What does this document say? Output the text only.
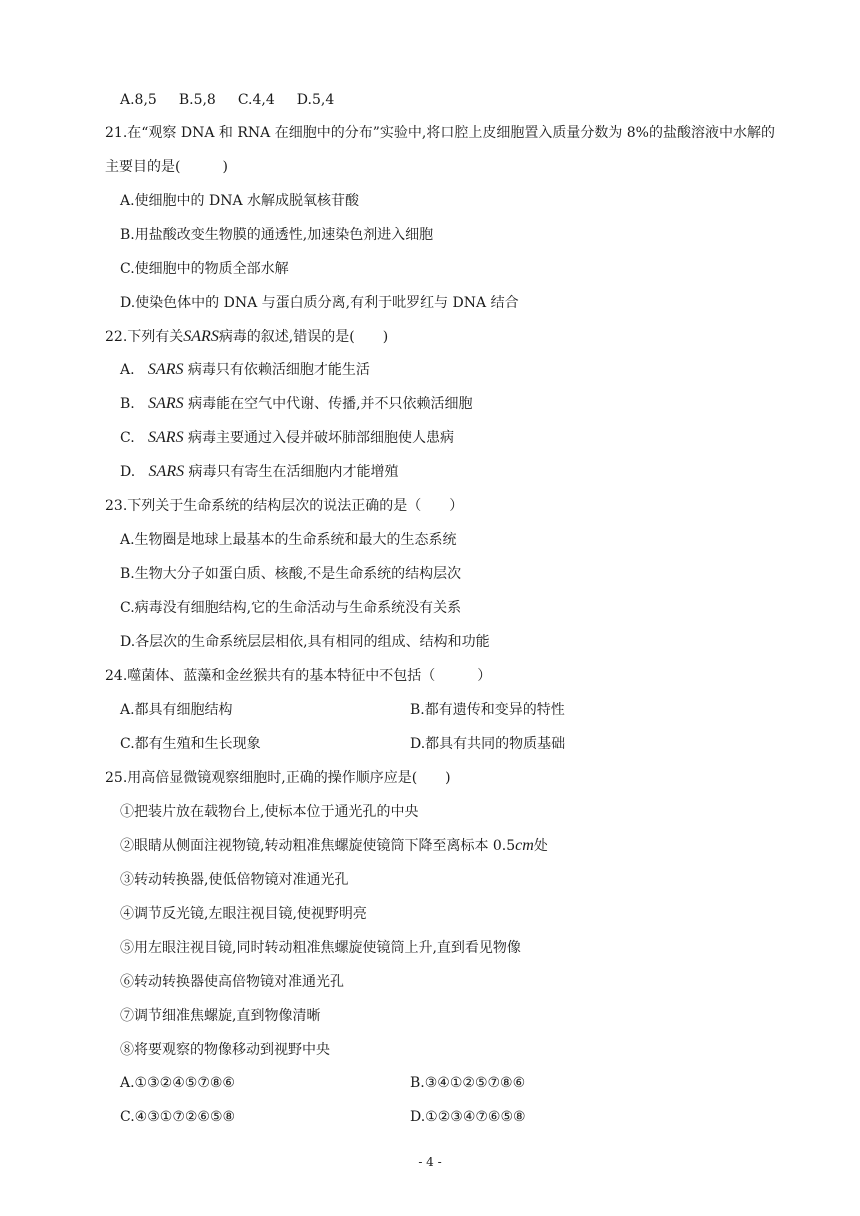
A.8,5 B.5,8 C.4,4 D.5,4
21.在“观察 DNA 和 RNA 在细胞中的分布”实验中,将口腔上皮细胞置入质量分数为 8%的盐酸溶液中水解的
主要目的是(　　　)
A.使细胞中的 DNA 水解成脱氧核苷酸
B.用盐酸改变生物膜的通透性,加速染色剂进入细胞
C.使细胞中的物质全部水解
D.使染色体中的 DNA 与蛋白质分离,有利于吡罗红与 DNA 结合
22.下列有关SARS病毒的叙述,错误的是(　　)
A. SARS 病毒只有依赖活细胞才能生活
B. SARS 病毒能在空气中代谢、传播,并不只依赖活细胞
C. SARS 病毒主要通过入侵并破坏肺部细胞使人患病
D. SARS 病毒只有寄生在活细胞内才能增殖
23.下列关于生命系统的结构层次的说法正确的是（　　）
A.生物圈是地球上最基本的生命系统和最大的生态系统
B.生物大分子如蛋白质、核酸,不是生命系统的结构层次
C.病毒没有细胞结构,它的生命活动与生命系统没有关系
D.各层次的生命系统层层相依,具有相同的组成、结构和功能
24.噬菌体、蓝藻和金丝猴共有的基本特征中不包括（　　　）
A.都具有细胞结构	B.都有遗传和变异的特性
C.都有生殖和生长现象	D.都具有共同的物质基础
25.用高倍显微镜观察细胞时,正确的操作顺序应是(　　)
①把装片放在载物台上,使标本位于通光孔的中央
②眼睛从侧面注视物镜,转动粗准焦螺旋使镜筒下降至离标本 0.5cm处
③转动转换器,使低倍物镜对准通光孔
④调节反光镜,左眼注视目镜,使视野明亮
⑤用左眼注视目镜,同时转动粗准焦螺旋使镜筒上升,直到看见物像
⑥转动转换器使高倍物镜对准通光孔
⑦调节细准焦螺旋,直到物像清晰
⑧将要观察的物像移动到视野中央
A.①③②④⑤⑦⑧⑥	B.③④①②⑤⑦⑧⑥
C.④③①⑦②⑥⑤⑧	D.①②③④⑦⑥⑤⑧
- 4 -
